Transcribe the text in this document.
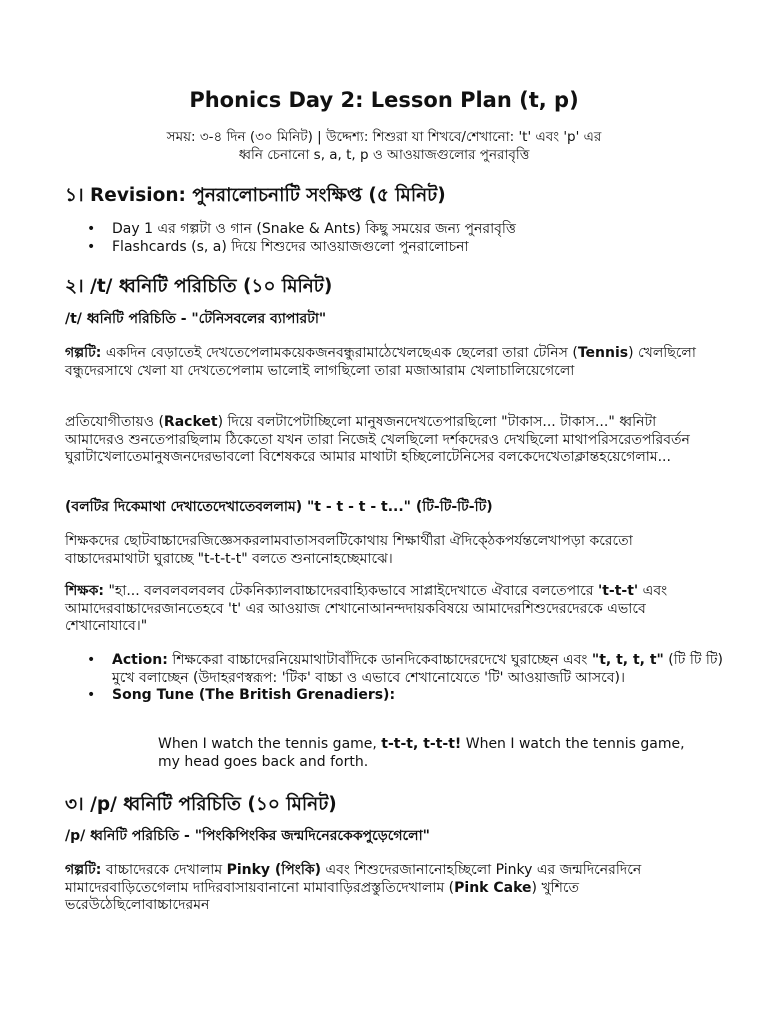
Phonics Day 2: Lesson Plan (t, p)

সময়: ৩-৪ দিন (৩০ মিনিট) | উদ্দেশ্য: শিশুরা যা শিখবে/শেখানো: 't' এবং 'p' এর
ধ্বনি চেনানো s, a, t, p ও আওয়াজগুলোর পুনরাবৃত্তি

১। Revision: পুনরালোচনাটি সংক্ষিপ্ত (৫ মিনিট)
• Day 1 এর গল্পটা ও গান (Snake & Ants) কিছু সময়ের জন্য পুনরাবৃত্তি
• Flashcards (s, a) দিয়ে শিশুদের আওয়াজগুলো পুনরালোচনা
২। /t/ ধ্বনিটি পরিচিতি (১০ মিনিট)

/t/ ধ্বনিটি পরিচিতি - "টেনিসবলের ব্যাপারটা"

গল্পটি: একদিন বেড়াতেই দেখতেপেলামকয়েকজনবন্ধুরামাঠেখেলছেএক ছেলেরা তারা টেনিস (Tennis) খেলছিলো বন্ধুদেরসাথে খেলা যা দেখতেপেলাম ভালোই লাগছিলো তারা মজাআরাম খেলাচালিয়েগেলো

প্রতিযোগীতায়ও (Racket) দিয়ে বলটাপেটাচ্ছিলো মানুষজনদেখতেপারছিলো "টাকাস... টাকাস..." ধ্বনিটা আমাদেরও শুনতেপারছিলাম ঠিকেতো যখন তারা নিজেই খেলছিলো দর্শকদেরও দেখছিলো মাথাপরিসরেতপরিবর্তন ঘুরাটাখেলাতেমানুষজনদেরভাবলো বিশেষকরে আমার মাথাটা হচ্ছিলোটেনিসের বলকেদেখেতাক্লান্তহয়েগেলাম...

(বলটির দিকেমাথা দেখাতেদেখাতেবললাম) "t - t - t - t..." (টি-টি-টি-টি)

শিক্ষকদের ছোটবাচ্চাদেরজিজ্ঞেসকরলামবাতাসবলটিকোথায় শিক্ষার্থীরা ঐদিক্ঠেকপর্যন্তলেখাপড়া করেতো বাচ্চাদেরমাথাটা ঘুরাচ্ছে "t-t-t-t" বলতে শুনানোহচ্ছেমাঝে।

শিক্ষক: "হা... বলবলবলবলব টেকনিক্যালবাচ্চাদেরবাহ্যিকভাবে সাপ্লাইদেখাতে ঐবারে বলতেপারে 't-t-t' এবং আমাদেরবাচ্চাদেরজানতেহবে 't' এর আওয়াজ শেখানোআনন্দদায়কবিষয়ে আমাদেরশিশুদেরদেরকে এভাবে শেখানোযাবে।"

• Action: শিক্ষকেরা বাচ্চাদেরনিয়েমাথাটাবাঁদিকে ডানদিকেবাচ্চাদেরদেখে ঘুরাচ্ছেন এবং "t, t, t, t" (টি টি টি) মুখে বলাচ্ছেন (উদাহরণস্বরূপ: 'টিক' বাচ্চা ও এভাবে শেখানোযেতে 'টি' আওয়াজটি আসবে)।
• Song Tune (The British Grenadiers):

When I watch the tennis game, t-t-t, t-t-t! When I watch the tennis game, my head goes back and forth.

৩। /p/ ধ্বনিটি পরিচিতি (১০ মিনিট)

/p/ ধ্বনিটি পরিচিতি - "পিংকিপিংকির জন্মদিনেরকেকপুড়েগেলো"

গল্পটি: বাচ্চাদেরকে দেখালাম Pinky (পিংকি) এবং শিশুদেরজানানোহচ্ছিলো Pinky এর জন্মদিনেরদিনে মামাদেরবাড়িতেগেলাম দাদিরবাসায়বানানো মামাবাড়িরপ্রস্তুতিদেখালাম (Pink Cake) খুশিতে ভরেউঠেছিলোবাচ্চাদেরমন
